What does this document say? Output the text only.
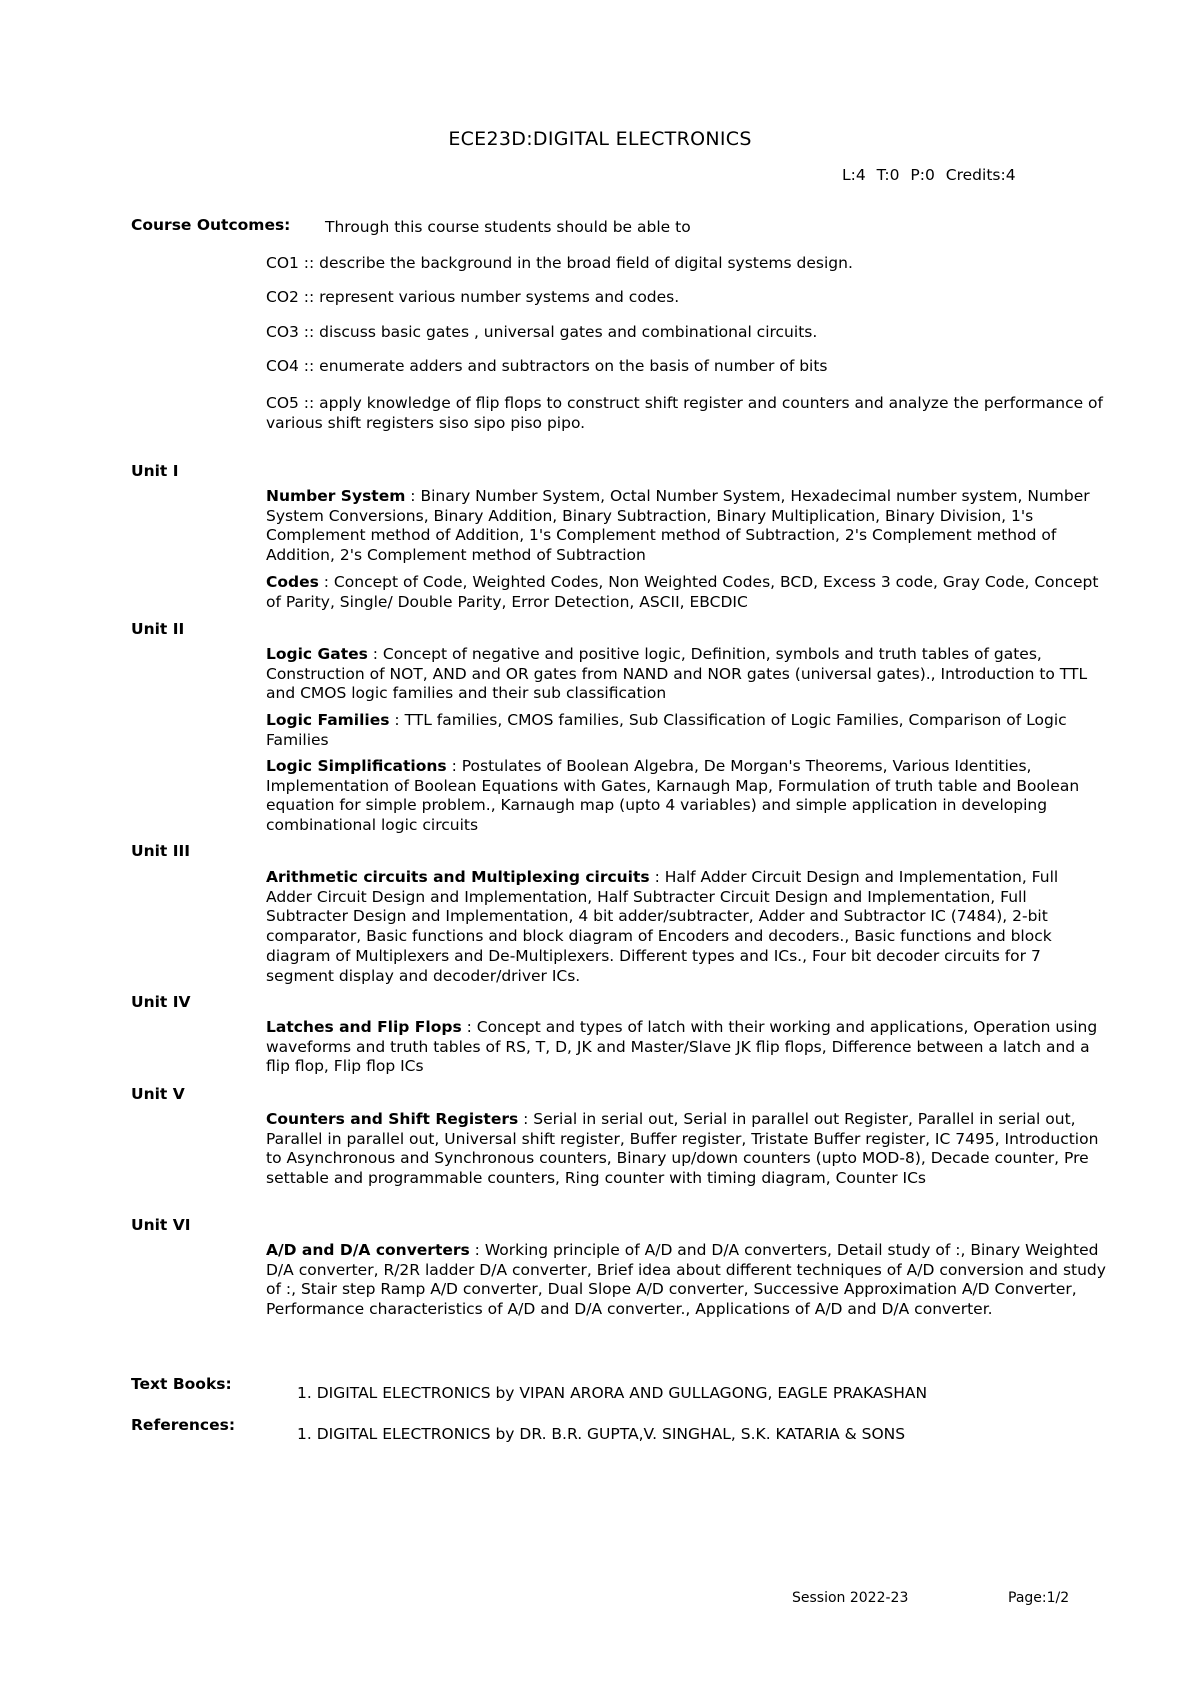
ECE23D:DIGITAL ELECTRONICS
L:4 T:0 P:0 Credits:4
Course Outcomes: Through this course students should be able to
CO1 :: describe the background in the broad field of digital systems design.
CO2 :: represent various number systems and codes.
CO3 :: discuss basic gates , universal gates and combinational circuits.
CO4 :: enumerate adders and subtractors on the basis of number of bits
CO5 :: apply knowledge of flip flops to construct shift register and counters and analyze the performance of various shift registers siso sipo piso pipo.
Unit I
Number System : Binary Number System, Octal Number System, Hexadecimal number system, Number System Conversions, Binary Addition, Binary Subtraction, Binary Multiplication, Binary Division, 1's Complement method of Addition, 1's Complement method of Subtraction, 2's Complement method of Addition, 2's Complement method of Subtraction
Codes : Concept of Code, Weighted Codes, Non Weighted Codes, BCD, Excess 3 code, Gray Code, Concept of Parity, Single/ Double Parity, Error Detection, ASCII, EBCDIC
Unit II
Logic Gates : Concept of negative and positive logic, Definition, symbols and truth tables of gates, Construction of NOT, AND and OR gates from NAND and NOR gates (universal gates)., Introduction to TTL and CMOS logic families and their sub classification
Logic Families : TTL families, CMOS families, Sub Classification of Logic Families, Comparison of Logic Families
Logic Simplifications : Postulates of Boolean Algebra, De Morgan's Theorems, Various Identities, Implementation of Boolean Equations with Gates, Karnaugh Map, Formulation of truth table and Boolean equation for simple problem., Karnaugh map (upto 4 variables) and simple application in developing combinational logic circuits
Unit III
Arithmetic circuits and Multiplexing circuits : Half Adder Circuit Design and Implementation, Full Adder Circuit Design and Implementation, Half Subtracter Circuit Design and Implementation, Full Subtracter Design and Implementation, 4 bit adder/subtracter, Adder and Subtractor IC (7484), 2-bit comparator, Basic functions and block diagram of Encoders and decoders., Basic functions and block diagram of Multiplexers and De-Multiplexers. Different types and ICs., Four bit decoder circuits for 7 segment display and decoder/driver ICs.
Unit IV
Latches and Flip Flops : Concept and types of latch with their working and applications, Operation using waveforms and truth tables of RS, T, D, JK and Master/Slave JK flip flops, Difference between a latch and a flip flop, Flip flop ICs
Unit V
Counters and Shift Registers : Serial in serial out, Serial in parallel out Register, Parallel in serial out, Parallel in parallel out, Universal shift register, Buffer register, Tristate Buffer register, IC 7495, Introduction to Asynchronous and Synchronous counters, Binary up/down counters (upto MOD-8), Decade counter, Pre settable and programmable counters, Ring counter with timing diagram, Counter ICs
Unit VI
A/D and D/A converters : Working principle of A/D and D/A converters, Detail study of :, Binary Weighted D/A converter, R/2R ladder D/A converter, Brief idea about different techniques of A/D conversion and study of :, Stair step Ramp A/D converter, Dual Slope A/D converter, Successive Approximation A/D Converter, Performance characteristics of A/D and D/A converter., Applications of A/D and D/A converter.
Text Books:	1. DIGITAL ELECTRONICS by VIPAN ARORA AND GULLAGONG, EAGLE PRAKASHAN
References:	1. DIGITAL ELECTRONICS by DR. B.R. GUPTA,V. SINGHAL, S.K. KATARIA & SONS
Session 2022-23	Page:1/2
